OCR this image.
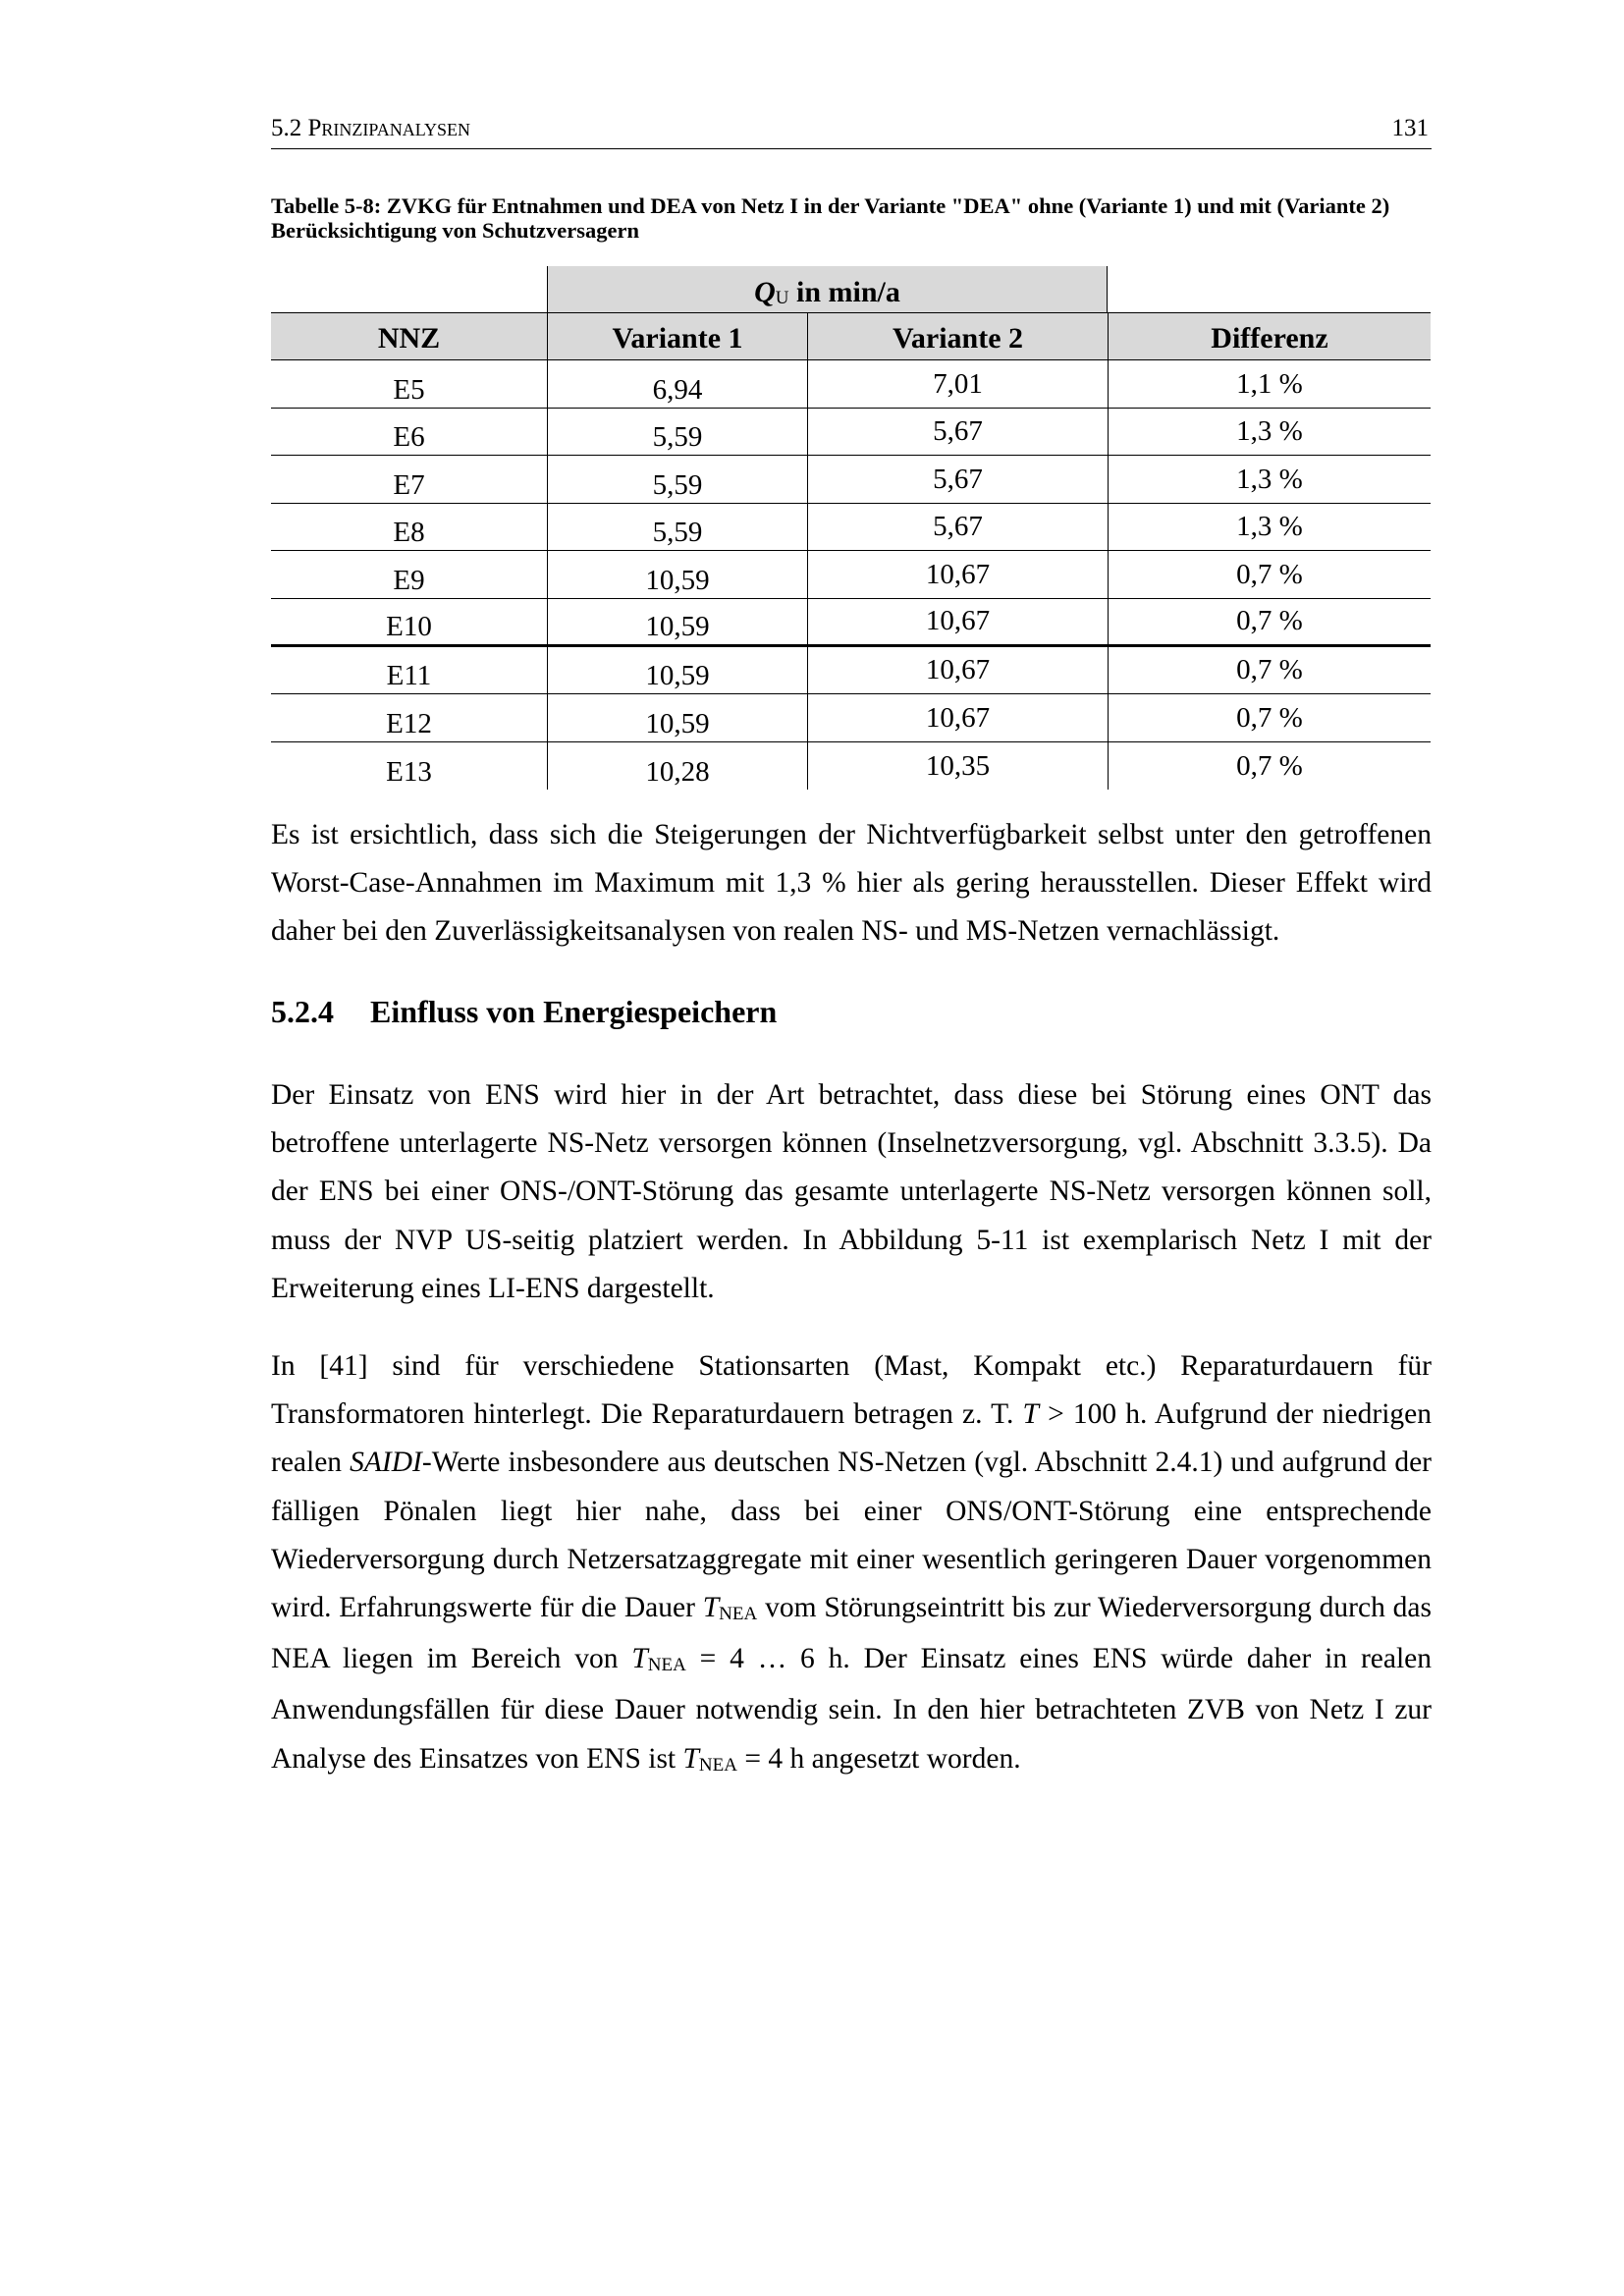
5.2 Prinzipanalysen	131
Tabelle 5-8: ZVKG für Entnahmen und DEA von Netz I in der Variante "DEA" ohne (Variante 1) und mit (Variante 2) Berücksichtigung von Schutzversagern
$Q_U$ in min/a
NNZ	Variante 1	Variante 2	Differenz
E5	6,94	7,01	1,1 %
E6	5,59	5,67	1,3 %
E7	5,59	5,67	1,3 %
E8	5,59	5,67	1,3 %
E9	10,59	10,67	0,7 %
E10	10,59	10,67	0,7 %
E11	10,59	10,67	0,7 %
E12	10,59	10,67	0,7 %
E13	10,28	10,35	0,7 %

Es ist ersichtlich, dass sich die Steigerungen der Nichtverfügbarkeit selbst unter den getroffenen Worst-Case-Annahmen im Maximum mit 1,3 % hier als gering herausstellen. Dieser Effekt wird daher bei den Zuverlässigkeitsanalysen von realen NS- und MS-Netzen vernachlässigt.

5.2.4 Einfluss von Energiespeichern

Der Einsatz von ENS wird hier in der Art betrachtet, dass diese bei Störung eines ONT das betroffene unterlagerte NS-Netz versorgen können (Inselnetzversorgung, vgl. Abschnitt 3.3.5). Da der ENS bei einer ONS-/ONT-Störung das gesamte unterlagerte NS-Netz versorgen können soll, muss der NVP US-seitig platziert werden. In Abbildung 5-11 ist exemplarisch Netz I mit der Erweiterung eines LI-ENS dargestellt.

In [41] sind für verschiedene Stationsarten (Mast, Kompakt etc.) Reparaturdauern für Transformatoren hinterlegt. Die Reparaturdauern betragen z. T. T > 100 h. Aufgrund der niedrigen realen SAIDI-Werte insbesondere aus deutschen NS-Netzen (vgl. Abschnitt 2.4.1) und aufgrund der fälligen Pönalen liegt hier nahe, dass bei einer ONS/ONT-Störung eine entsprechende Wiederversorgung durch Netzersatzaggregate mit einer wesentlich geringeren Dauer vorgenommen wird. Erfahrungswerte für die Dauer $T_{NEA}$ vom Störungseintritt bis zur Wiederversorgung durch das NEA liegen im Bereich von $T_{NEA} = 4$ … 6 h. Der Einsatz eines ENS würde daher in realen Anwendungsfällen für diese Dauer notwendig sein. In den hier betrachteten ZVB von Netz I zur Analyse des Einsatzes von ENS ist $T_{NEA} = 4$ h angesetzt worden.
